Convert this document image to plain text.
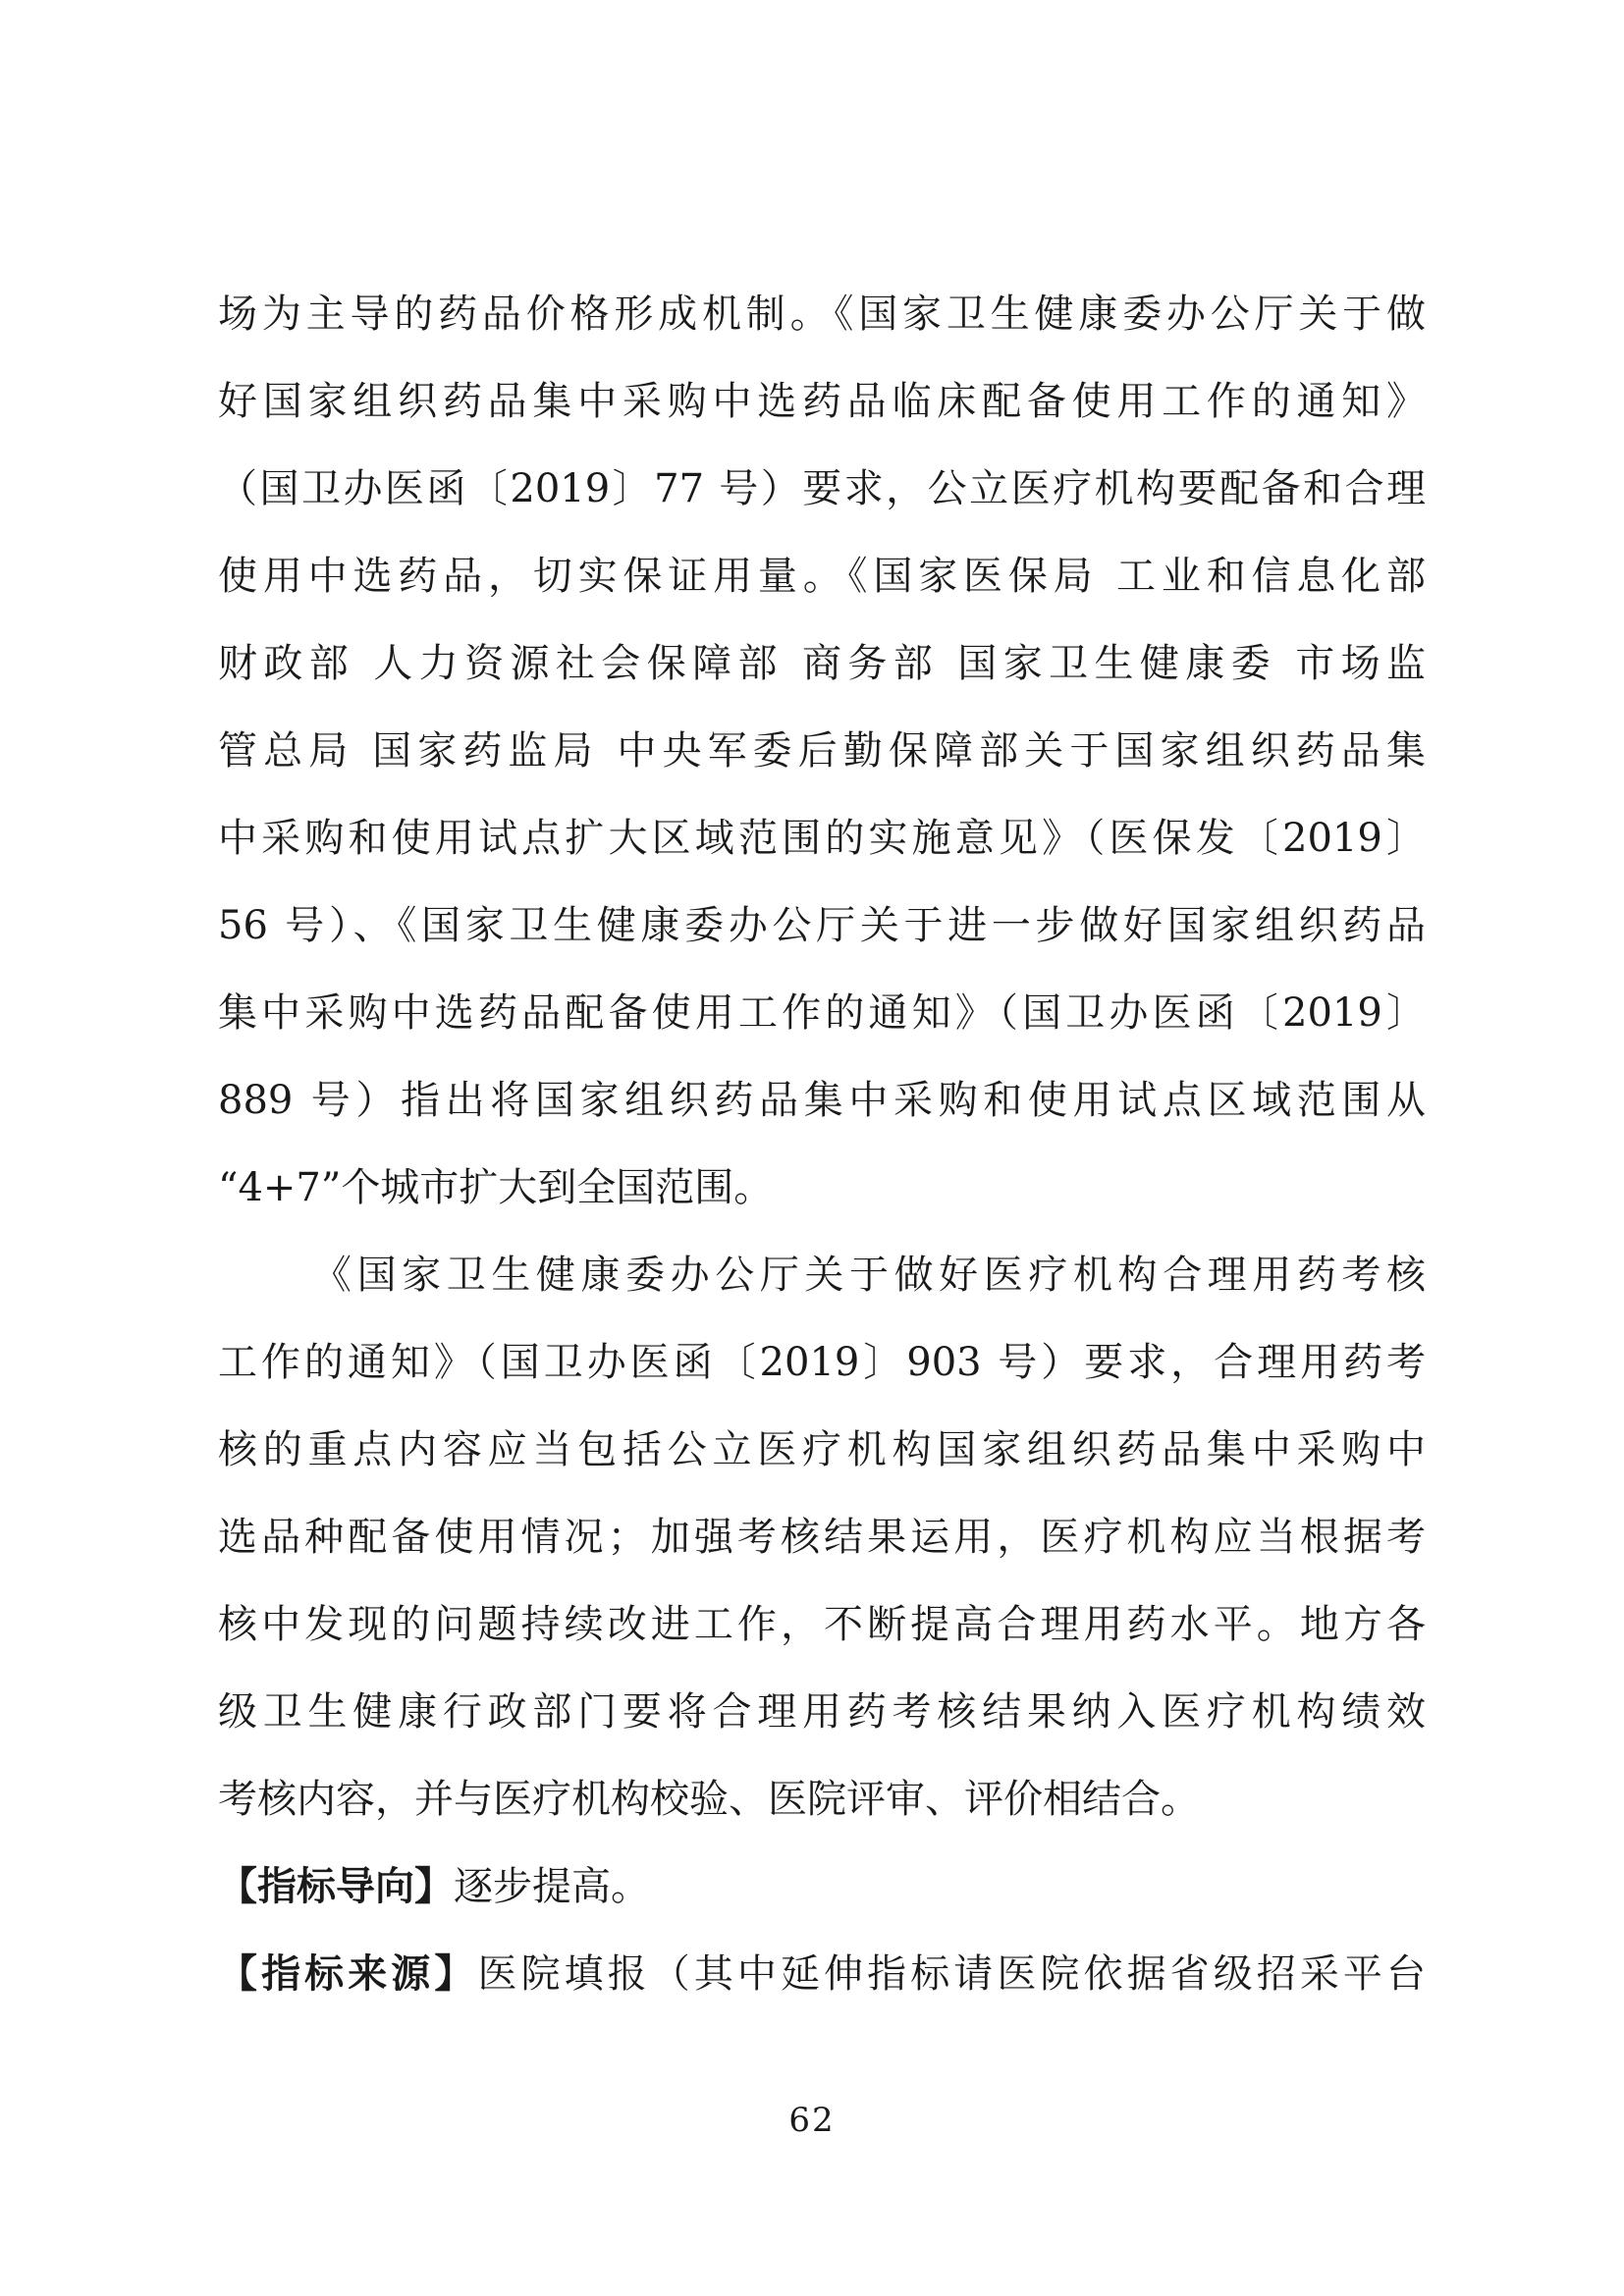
场为主导的药品价格形成机制。《国家卫生健康委办公厅关于做
好国家组织药品集中采购中选药品临床配备使用工作的通知》
（国卫办医函〔2019〕77 号）要求，公立医疗机构要配备和合理
使用中选药品，切实保证用量。《国家医保局 工业和信息化部
财政部 人力资源社会保障部 商务部 国家卫生健康委 市场监
管总局 国家药监局 中央军委后勤保障部关于国家组织药品集
中采购和使用试点扩大区域范围的实施意见》（医保发〔2019〕
56 号）、《国家卫生健康委办公厅关于进一步做好国家组织药品
集中采购中选药品配备使用工作的通知》（国卫办医函〔2019〕
889 号）指出将国家组织药品集中采购和使用试点区域范围从
“4+7”个城市扩大到全国范围。
《国家卫生健康委办公厅关于做好医疗机构合理用药考核
工作的通知》（国卫办医函〔2019〕903 号）要求，合理用药考
核的重点内容应当包括公立医疗机构国家组织药品集中采购中
选品种配备使用情况；加强考核结果运用，医疗机构应当根据考
核中发现的问题持续改进工作，不断提高合理用药水平。地方各
级卫生健康行政部门要将合理用药考核结果纳入医疗机构绩效
考核内容，并与医疗机构校验、医院评审、评价相结合。
【指标导向】逐步提高。
【指标来源】医院填报（其中延伸指标请医院依据省级招采平台
62
